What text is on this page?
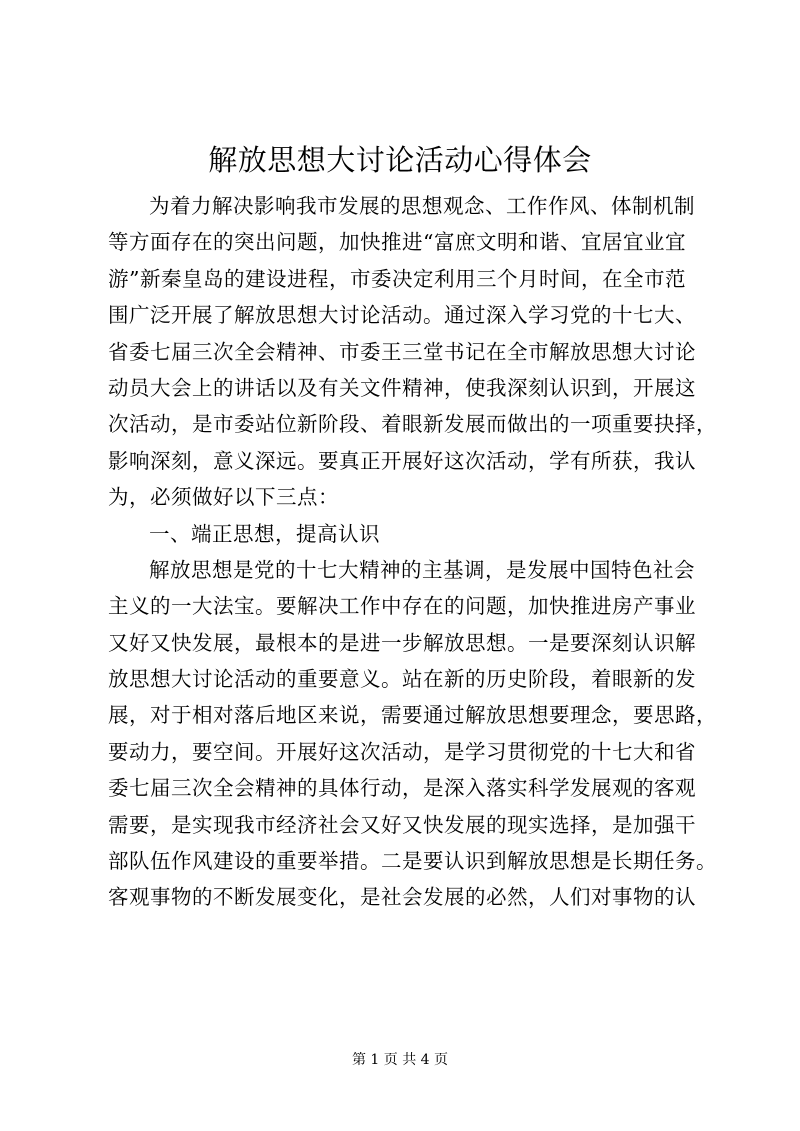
解放思想大讨论活动心得体会
为着力解决影响我市发展的思想观念、工作作风、体制机制
等方面存在的突出问题，加快推进“富庶文明和谐、宜居宜业宜
游”新秦皇岛的建设进程，市委决定利用三个月时间，在全市范
围广泛开展了解放思想大讨论活动。通过深入学习党的十七大、
省委七届三次全会精神、市委王三堂书记在全市解放思想大讨论
动员大会上的讲话以及有关文件精神，使我深刻认识到，开展这
次活动，是市委站位新阶段、着眼新发展而做出的一项重要抉择，
影响深刻，意义深远。要真正开展好这次活动，学有所获，我认
为，必须做好以下三点：
一、端正思想，提高认识
解放思想是党的十七大精神的主基调，是发展中国特色社会
主义的一大法宝。要解决工作中存在的问题，加快推进房产事业
又好又快发展，最根本的是进一步解放思想。一是要深刻认识解
放思想大讨论活动的重要意义。站在新的历史阶段，着眼新的发
展，对于相对落后地区来说，需要通过解放思想要理念，要思路，
要动力，要空间。开展好这次活动，是学习贯彻党的十七大和省
委七届三次全会精神的具体行动，是深入落实科学发展观的客观
需要，是实现我市经济社会又好又快发展的现实选择，是加强干
部队伍作风建设的重要举措。二是要认识到解放思想是长期任务。
客观事物的不断发展变化，是社会发展的必然，人们对事物的认
第 1 页 共 4 页
